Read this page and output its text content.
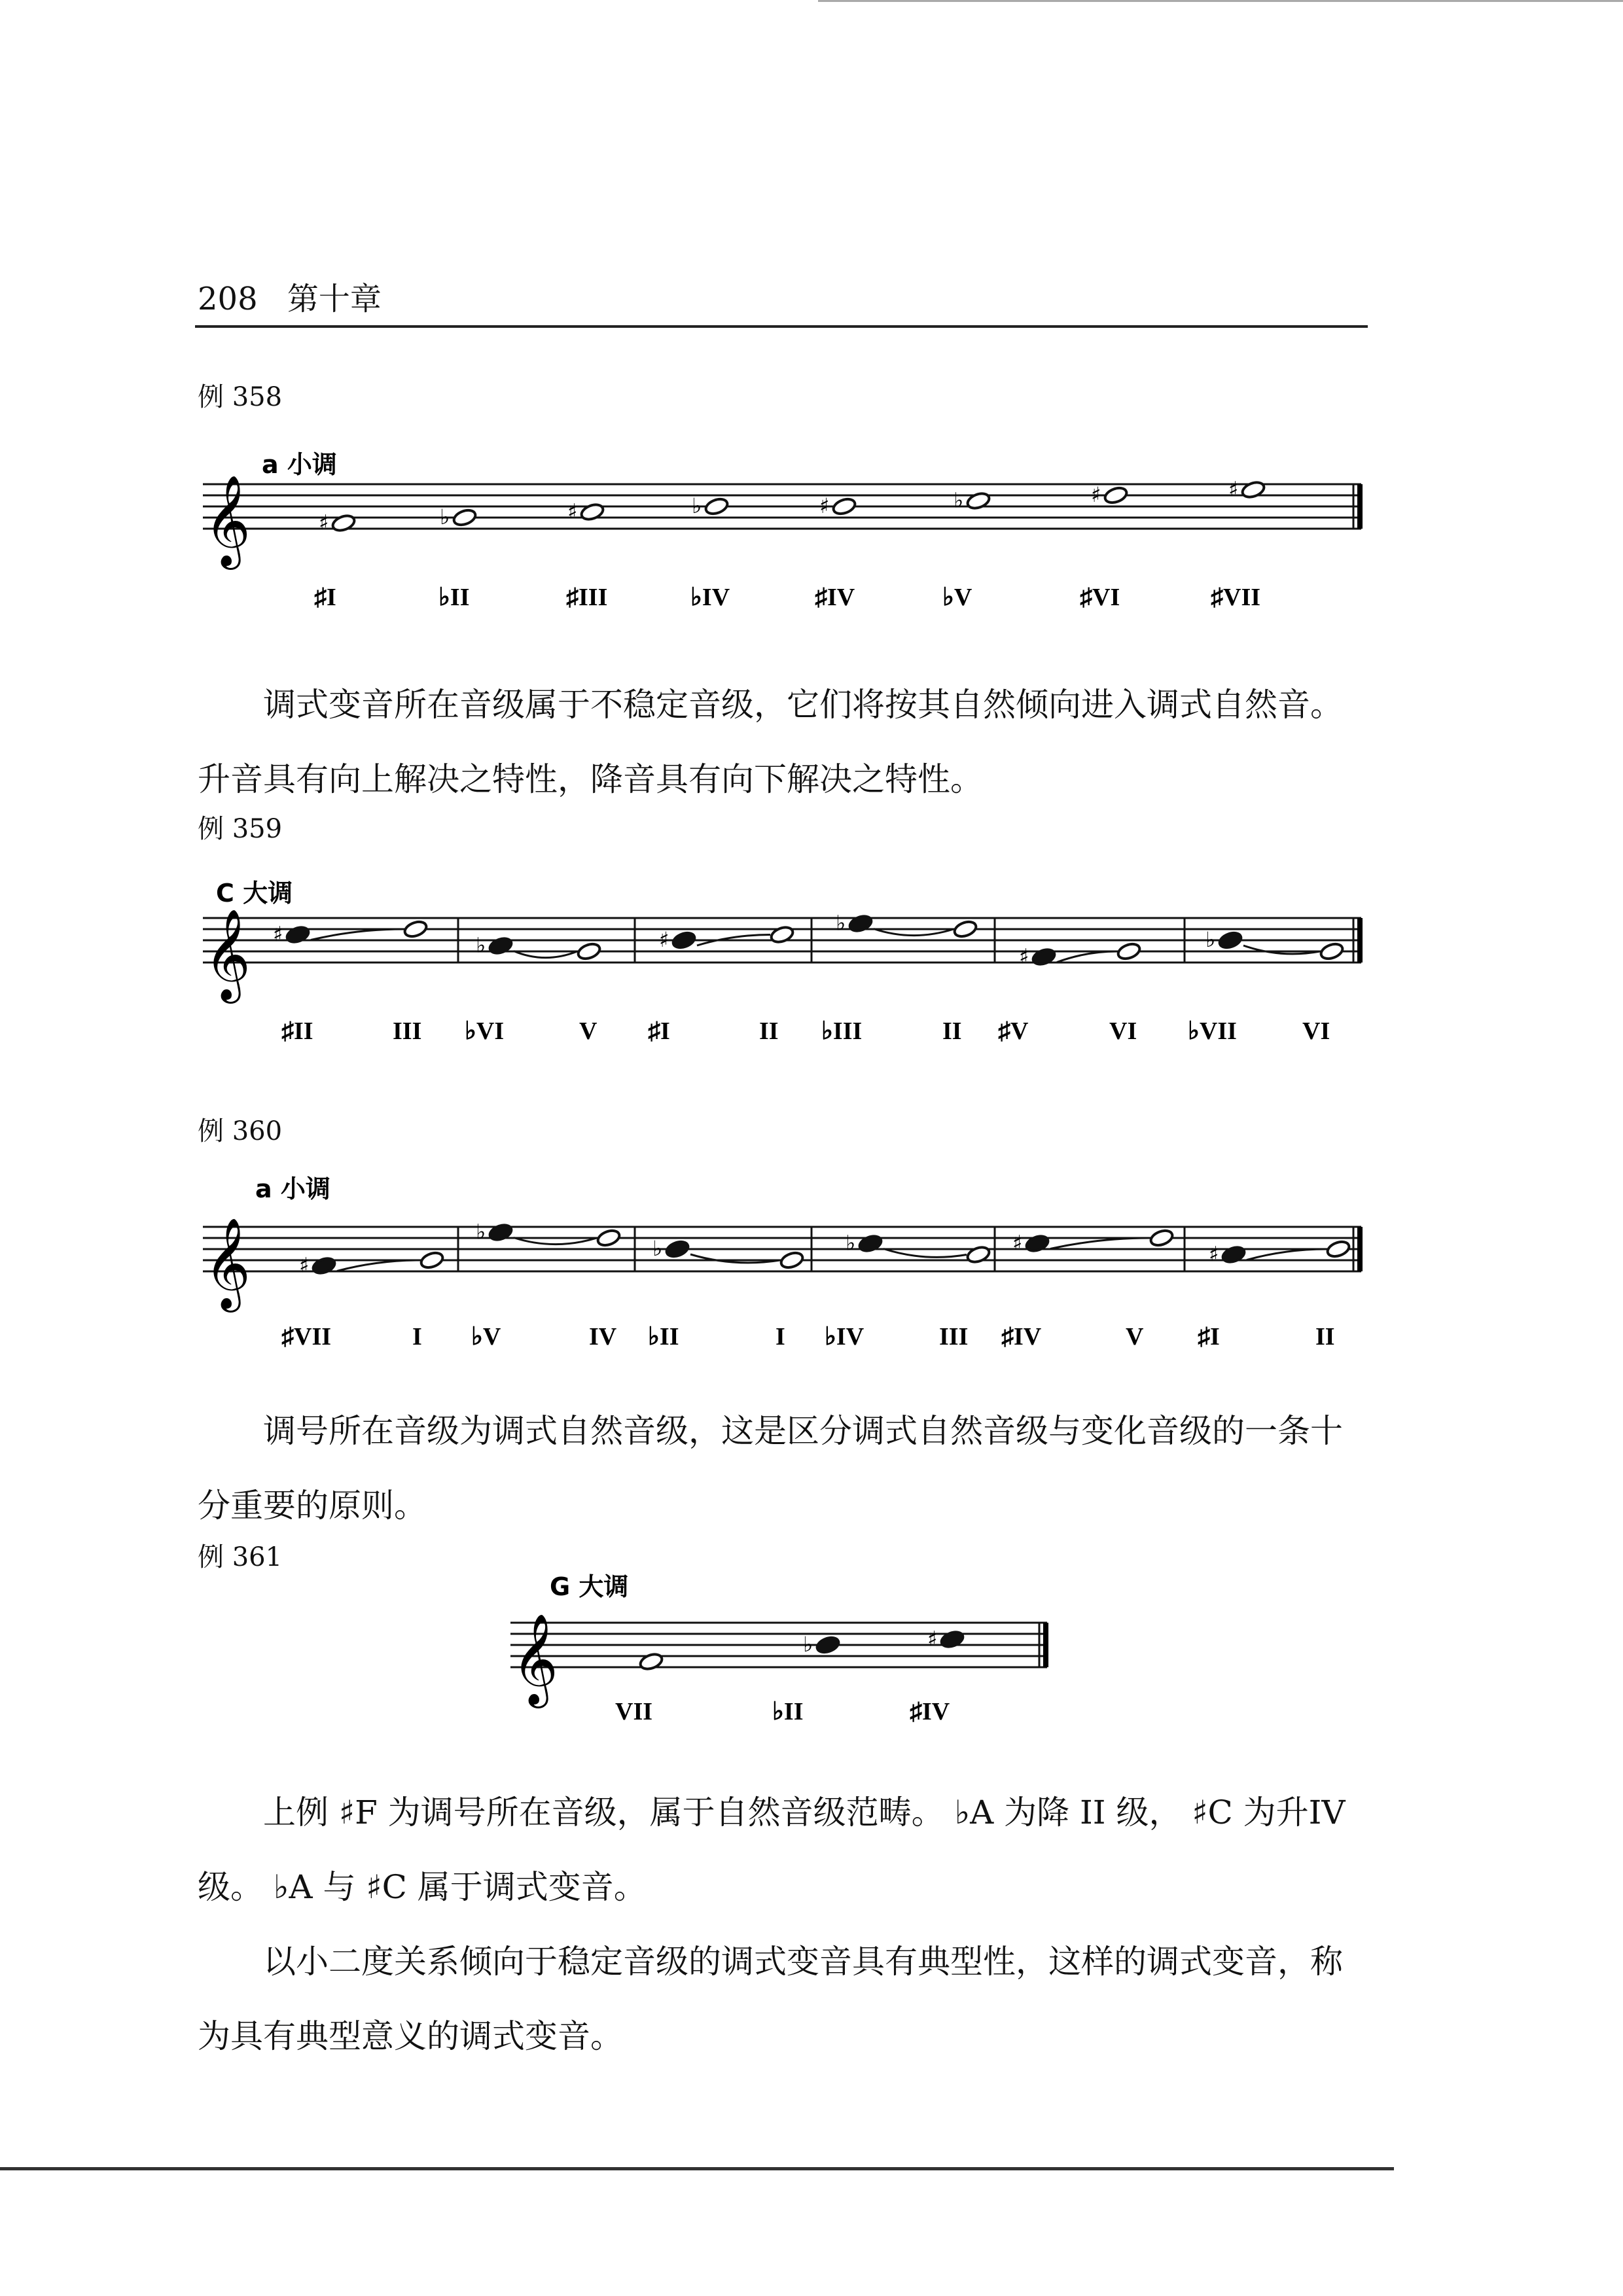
208 第十章
例 358
a 小调
𝄞	♯	♭	♯	♭	♯	♭	♯	♯
♯I	♭II	♯III	♭IV	♯IV	♭V	♯VI	♯VII

调式变音所在音级属于不稳定音级，它们将按其自然倾向进入调式自然音。升音具有向上解决之特性，降音具有向下解决之特性。

例 359
C 大调
𝄞 ♯	♭	♯
♭
♯
♭
♯II	III ♭VI	V ♯I	II ♭III	II ♯V	VI ♭VII	VI
例 360
a 小调
𝄞 ♯
♭
♭	♭	♯	♯
♯VII	I ♭V	IV ♭II	I ♭IV	III ♯IV	V ♯I	II

调号所在音级为调式自然音级，这是区分调式自然音级与变化音级的一条十分重要的原则。

例 361
G 大调
𝄞	♭	♯
VII	♭II	♯IV

上例 ♯F 为调号所在音级，属于自然音级范畴。 ♭A 为降 II 级， ♯C 为升IV级。 ♭A 与 ♯C 属于调式变音。

以小二度关系倾向于稳定音级的调式变音具有典型性，这样的调式变音，称为具有典型意义的调式变音。
